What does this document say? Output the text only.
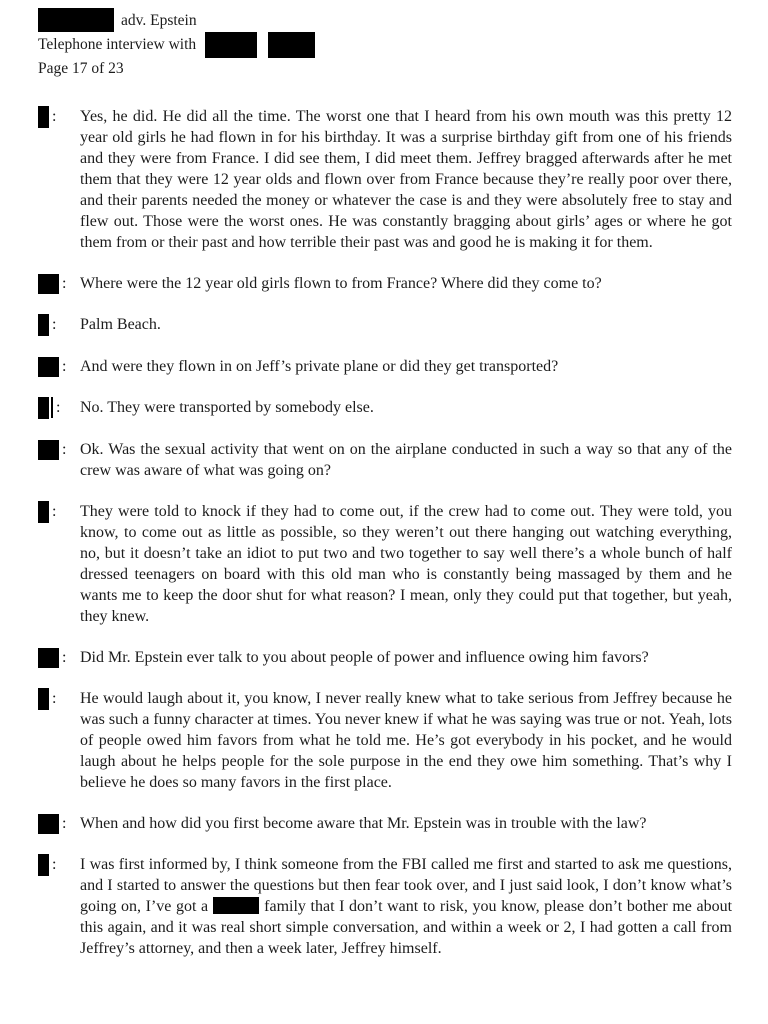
adv. Epstein
Telephone interview with
Page 17 of 23
: Yes, he did. He did all the time. The worst one that I heard from his own mouth was this pretty 12 year old girls he had flown in for his birthday. It was a surprise birthday gift from one of his friends and they were from France. I did see them, I did meet them. Jeffrey bragged afterwards after he met them that they were 12 year olds and flown over from France because they’re really poor over there, and their parents needed the money or whatever the case is and they were absolutely free to stay and flew out. Those were the worst ones. He was constantly bragging about girls’ ages or where he got them from or their past and how terrible their past was and good he is making it for them.
: Where were the 12 year old girls flown to from France? Where did they come to?
: Palm Beach.
: And were they flown in on Jeff’s private plane or did they get transported?
: No. They were transported by somebody else.
: Ok. Was the sexual activity that went on on the airplane conducted in such a way so that any of the crew was aware of what was going on?
: They were told to knock if they had to come out, if the crew had to come out. They were told, you know, to come out as little as possible, so they weren’t out there hanging out watching everything, no, but it doesn’t take an idiot to put two and two together to say well there’s a whole bunch of half dressed teenagers on board with this old man who is constantly being massaged by them and he wants me to keep the door shut for what reason? I mean, only they could put that together, but yeah, they knew.
: Did Mr. Epstein ever talk to you about people of power and influence owing him favors?
: He would laugh about it, you know, I never really knew what to take serious from Jeffrey because he was such a funny character at times. You never knew if what he was saying was true or not. Yeah, lots of people owed him favors from what he told me. He’s got everybody in his pocket, and he would laugh about he helps people for the sole purpose in the end they owe him something. That’s why I believe he does so many favors in the first place.
: When and how did you first become aware that Mr. Epstein was in trouble with the law?
: I was first informed by, I think someone from the FBI called me first and started to ask me questions, and I started to answer the questions but then fear took over, and I just said look, I don’t know what’s going on, I’ve got a	family that I don’t want to risk, you know, please don’t bother me about this again, and it was real short simple conversation, and within a week or 2, I had gotten a call from Jeffrey’s attorney, and then a week later, Jeffrey himself.
